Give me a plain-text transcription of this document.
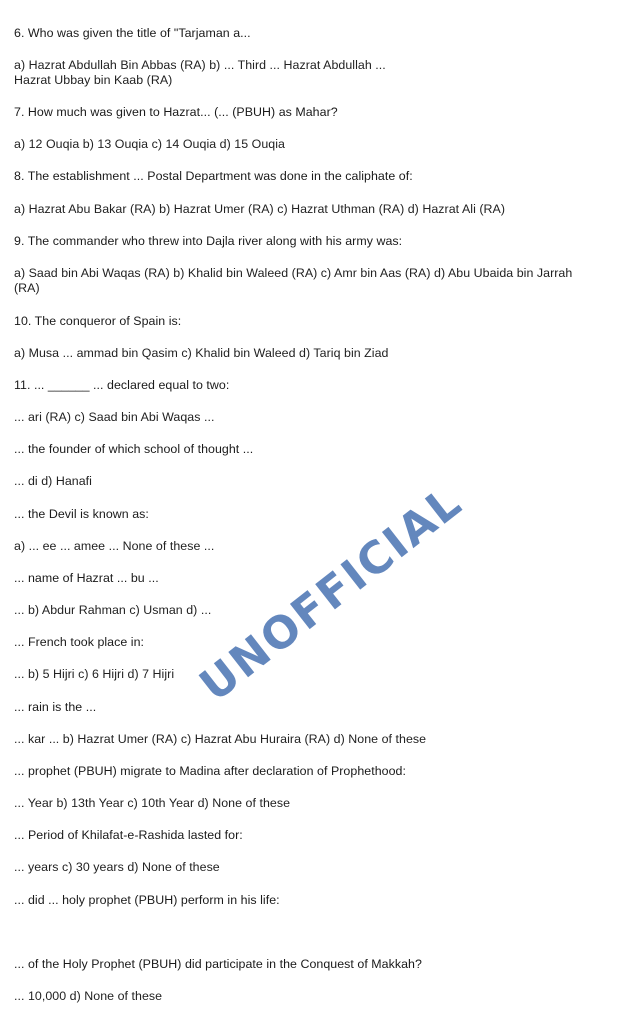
6. Who was given the title of "Tarjaman a...
a) Hazrat Abdullah Bin Abbas (RA) b) ... Third ... Hazrat Abdullah ...
Hazrat Ubbay bin Kaab (RA)
7. How much was given to Hazrat... (... (PBUH) as Mahar?
a) 12 Ouqia b) 13 Ouqia c) 14 Ouqia d) 15 Ouqia
8. The establishment ... Postal Department was done in the caliphate of:
a) Hazrat Abu Bakar (RA) b) Hazrat Umer (RA) c) Hazrat Uthman (RA) d) Hazrat Ali (RA)
9. The commander who threw into Dajla river along with his army was:
a) Saad bin Abi Waqas (RA) b) Khalid bin Waleed (RA) c) Amr bin Aas (RA) d) Abu Ubaida bin Jarrah
(RA)
10. The conqueror of Spain is:
a) Musa ... ammad bin Qasim c) Khalid bin Waleed d) Tariq bin Ziad
11. ... ______ ... declared equal to two:
... ari (RA) c) Saad bin Abi Waqas ...
... the founder of which school of thought ...
... di d) Hanafi
... the Devil is known as:
a) ... ee ... amee ... None of these ...
... name of Hazrat ... bu ...
... b) Abdur Rahman c) Usman d) ...
... French took place in:
... b) 5 Hijri c) 6 Hijri d) 7 Hijri
... rain is the ...
... kar ... b) Hazrat Umer (RA) c) Hazrat Abu Huraira (RA) d) None of these
... prophet (PBUH) migrate to Madina after declaration of Prophethood:
... Year b) 13th Year c) 10th Year d) None of these
... Period of Khilafat-e-Rashida lasted for:
... years c) 30 years d) None of these
... did ... holy prophet (PBUH) perform in his life:
... of the Holy Prophet (PBUH) did participate in the Conquest of Makkah?
... 10,000 d) None of these
UNOFFICIAL
